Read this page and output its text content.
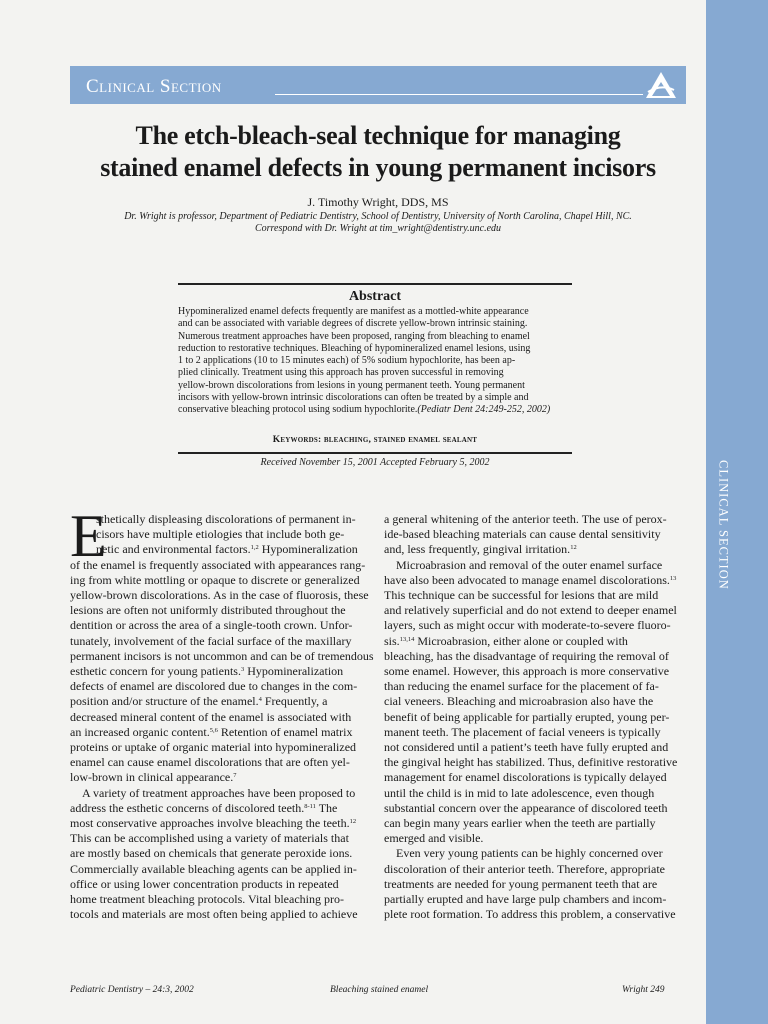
CLINICAL SECTION
Clinical Section
The etch-bleach-seal technique for managing
stained enamel defects in young permanent incisors
J. Timothy Wright, DDS, MS
Dr. Wright is professor, Department of Pediatric Dentistry, School of Dentistry, University of North Carolina, Chapel Hill, NC.
Correspond with Dr. Wright at tim_wright@dentistry.unc.edu
Abstract
Hypomineralized enamel defects frequently are manifest as a mottled-white appearance
and can be associated with variable degrees of discrete yellow-brown intrinsic staining.
Numerous treatment approaches have been proposed, ranging from bleaching to enamel
reduction to restorative techniques. Bleaching of hypomineralized enamel lesions, using
1 to 2 applications (10 to 15 minutes each) of 5% sodium hypochlorite, has been ap-
plied clinically. Treatment using this approach has proven successful in removing
yellow-brown discolorations from lesions in young permanent teeth. Young permanent
incisors with yellow-brown intrinsic discolorations can often be treated by a simple and
conservative bleaching protocol using sodium hypochlorite.(Pediatr Dent 24:249-252, 2002)
Keywords: bleaching, stained enamel sealant
Received November 15, 2001 Accepted February 5, 2002
E
sthetically displeasing discolorations of permanent in-
cisors have multiple etiologies that include both ge-
netic and environmental factors.$^{1,2}$ Hypomineralization
of the enamel is frequently associated with appearances rang-
ing from white mottling or opaque to discrete or generalized
yellow-brown discolorations. As in the case of fluorosis, these
lesions are often not uniformly distributed throughout the
dentition or across the area of a single-tooth crown. Unfor-
tunately, involvement of the facial surface of the maxillary
permanent incisors is not uncommon and can be of tremendous
esthetic concern for young patients.$^3$ Hypomineralization
defects of enamel are discolored due to changes in the com-
position and/or structure of the enamel.$^4$ Frequently, a
decreased mineral content of the enamel is associated with
an increased organic content.$^{5,6}$ Retention of enamel matrix
proteins or uptake of organic material into hypomineralized
enamel can cause enamel discolorations that are often yel-
low-brown in clinical appearance.$^7$
A variety of treatment approaches have been proposed to
address the esthetic concerns of discolored teeth.$^{8-11}$ The
most conservative approaches involve bleaching the teeth.$^{12}$
This can be accomplished using a variety of materials that
are mostly based on chemicals that generate peroxide ions.
Commercially available bleaching agents can be applied in-
office or using lower concentration products in repeated
home treatment bleaching protocols. Vital bleaching pro-
tocols and materials are most often being applied to achieve
a general whitening of the anterior teeth. The use of perox-
ide-based bleaching materials can cause dental sensitivity
and, less frequently, gingival irritation.$^{12}$
Microabrasion and removal of the outer enamel surface
have also been advocated to manage enamel discolorations.$^{13}$
This technique can be successful for lesions that are mild
and relatively superficial and do not extend to deeper enamel
layers, such as might occur with moderate-to-severe fluoro-
sis.$^{13,14}$ Microabrasion, either alone or coupled with
bleaching, has the disadvantage of requiring the removal of
some enamel. However, this approach is more conservative
than reducing the enamel surface for the placement of fa-
cial veneers. Bleaching and microabrasion also have the
benefit of being applicable for partially erupted, young per-
manent teeth. The placement of facial veneers is typically
not considered until a patient’s teeth have fully erupted and
the gingival height has stabilized. Thus, definitive restorative
management for enamel discolorations is typically delayed
until the child is in mid to late adolescence, even though
substantial concern over the appearance of discolored teeth
can begin many years earlier when the teeth are partially
emerged and visible.
Even very young patients can be highly concerned over
discoloration of their anterior teeth. Therefore, appropriate
treatments are needed for young permanent teeth that are
partially erupted and have large pulp chambers and incom-
plete root formation. To address this problem, a conservative
Pediatric Dentistry – 24:3, 2002	Bleaching stained enamel	Wright 249
